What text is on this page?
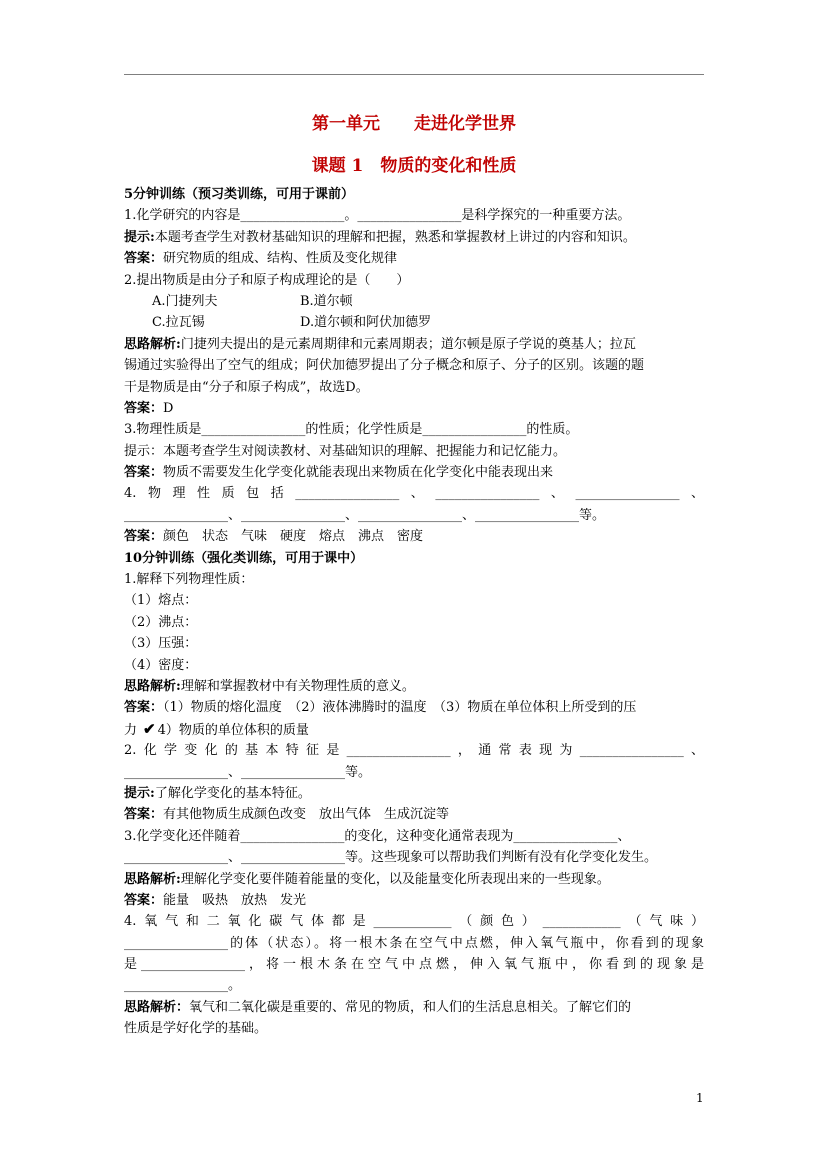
第一单元 走进化学世界
课题 1　物质的变化和性质
5分钟训练（预习类训练，可用于课前）
1.化学研究的内容是________________。________________是科学探究的一种重要方法。
提示:本题考查学生对教材基础知识的理解和把握，熟悉和掌握教材上讲过的内容和知识。
答案：研究物质的组成、结构、性质及变化规律
2.提出物质是由分子和原子构成理论的是（　　）
A.门捷列夫	B.道尔顿
C.拉瓦锡	D.道尔顿和阿伏加德罗
思路解析:门捷列夫提出的是元素周期律和元素周期表；道尔顿是原子学说的奠基人；拉瓦
锡通过实验得出了空气的组成；阿伏加德罗提出了分子概念和原子、分子的区别。该题的题
干是物质是由“分子和原子构成”，故选D。
答案：D
3.物理性质是________________的性质；化学性质是________________的性质。
提示：本题考查学生对阅读教材、对基础知识的理解、把握能力和记忆能力。
答案：物质不需要发生化学变化就能表现出来物质在化学变化中能表现出来
4.物理性质包括________________、________________、________________、
________________、________________、________________、________________等。
答案：颜色　状态　气味　硬度　熔点　沸点　密度
10分钟训练（强化类训练，可用于课中）
1.解释下列物理性质：
（1）熔点：
（2）沸点：
（3）压强：
（4）密度：
思路解析:理解和掌握教材中有关物理性质的意义。
答案：（1）物质的熔化温度　（2）液体沸腾时的温度　（3）物质在单位体积上所受到的压
力 ✔ 4）物质的单位体积的质量
2.化学变化的基本特征是________________，通常表现为________________、
________________、________________等。
提示:了解化学变化的基本特征。
答案：有其他物质生成颜色改变　放出气体　生成沉淀等
3.化学变化还伴随着________________的变化，这种变化通常表现为________________、
________________、________________等。这些现象可以帮助我们判断有没有化学变化发生。
思路解析:理解化学变化要伴随着能量的变化，以及能量变化所表现出来的一些现象。
答案：能量　吸热　放热　发光
4.氧气和二氧化碳气体都是____________（颜色）____________（气味）
________________的体（状态）。将一根木条在空气中点燃，伸入氧气瓶中，你看到的现象
是________________，将一根木条在空气中点燃，伸入氧气瓶中，你看到的现象是
________________。
思路解析：氧气和二氧化碳是重要的、常见的物质，和人们的生活息息相关。了解它们的
性质是学好化学的基础。
1
